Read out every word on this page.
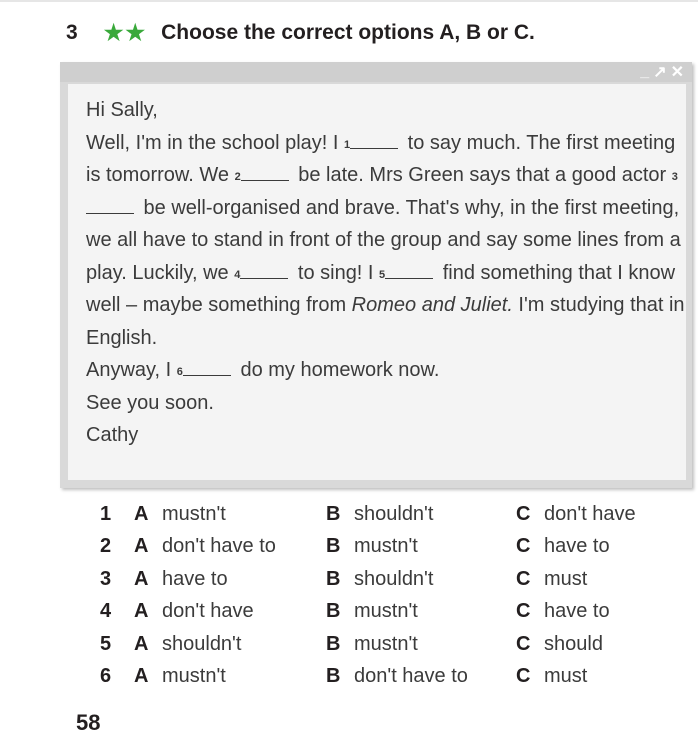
3 ★★ Choose the correct options A, B or C.
_ ↗ ✕

Hi Sally,

Well, I'm in the school play! I $^1$	to say much. The first meeting is tomorrow. We $^2$	be late. Mrs Green says that a good actor $^3$ be well-organised and brave. That's why, in the first meeting, we all have to stand in front of the group and say some lines from a play. Luckily, we $^4$	to sing! I $^5$	find something that I know well – maybe something from Romeo and Juliet. I'm studying that in English.

Anyway, I $^6$	do my homework now.

See you soon.

Cathy

1	A mustn't	B shouldn't	C don't have
2	A don't have to	B mustn't	C have to
3	A have to	B shouldn't	C must
4	A don't have	B mustn't	C have to
5	A shouldn't	B mustn't	C should
6	A mustn't	B don't have to C must
58
